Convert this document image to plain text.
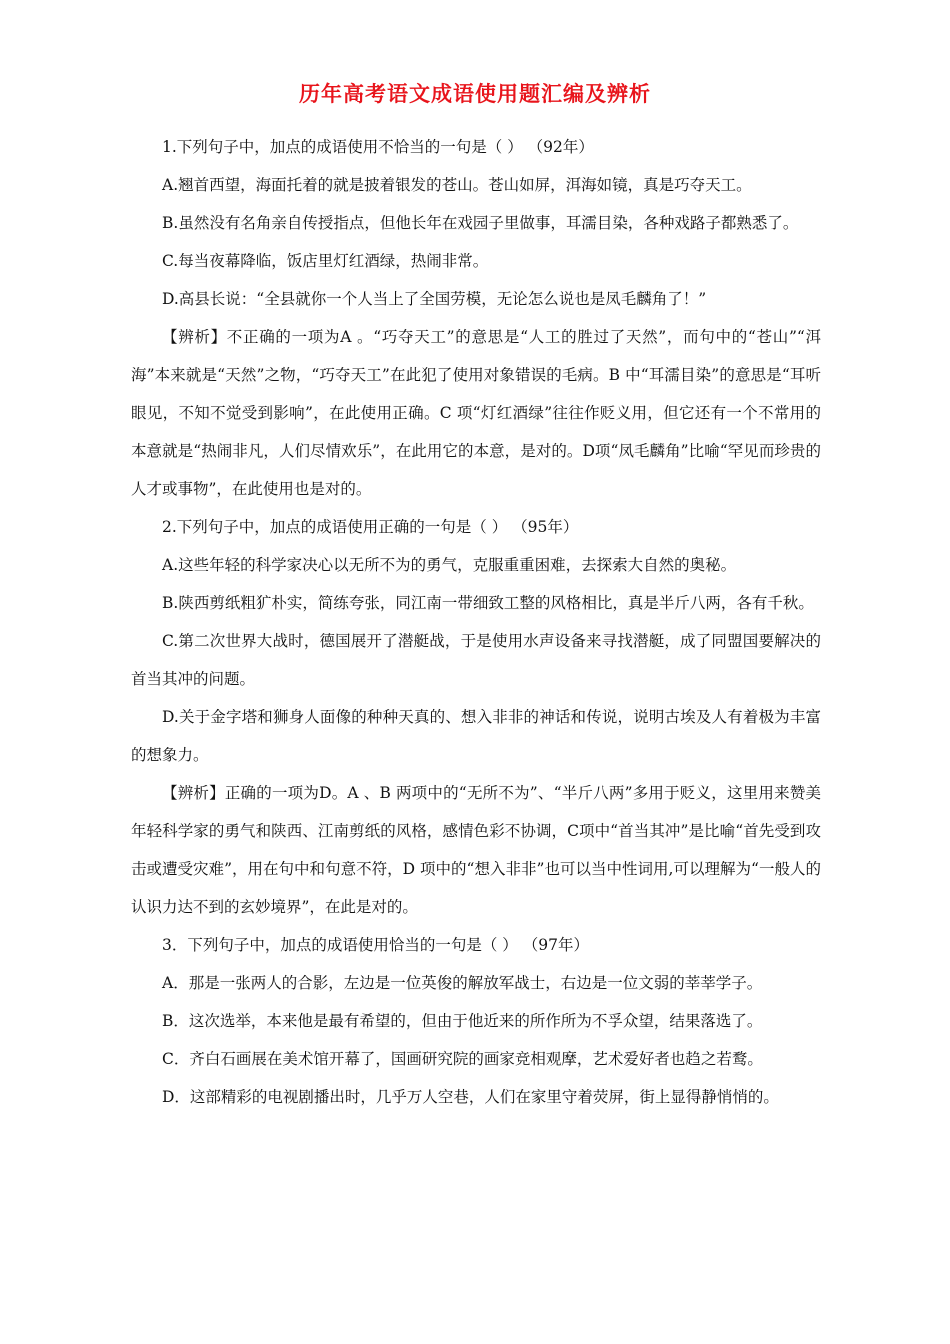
历年高考语文成语使用题汇编及辨析

1.下列句子中，加点的成语使用不恰当的一句是（ ） （92年）

A.翘首西望，海面托着的就是披着银发的苍山。苍山如屏，洱海如镜，真是巧夺天工。

B.虽然没有名角亲自传授指点，但他长年在戏园子里做事，耳濡目染，各种戏路子都熟悉了。

C.每当夜幕降临，饭店里灯红酒绿，热闹非常。

D.高县长说：“全县就你一个人当上了全国劳模，无论怎么说也是凤毛麟角了！”

【辨析】不正确的一项为A 。“巧夺天工”的意思是“人工的胜过了天然”，而句中的“苍山”“洱海”本来就是“天然”之物，“巧夺天工”在此犯了使用对象错误的毛病。B 中“耳濡目染”的意思是“耳听眼见，不知不觉受到影响”，在此使用正确。C 项“灯红酒绿”往往作贬义用，但它还有一个不常用的本意就是“热闹非凡，人们尽情欢乐”，在此用它的本意，是对的。D项“凤毛麟角”比喻“罕见而珍贵的人才或事物”，在此使用也是对的。

2.下列句子中，加点的成语使用正确的一句是（ ） （95年）

A.这些年轻的科学家决心以无所不为的勇气，克服重重困难，去探索大自然的奥秘。

B.陕西剪纸粗犷朴实，简练夸张，同江南一带细致工整的风格相比，真是半斤八两，各有千秋。

C.第二次世界大战时，德国展开了潜艇战，于是使用水声设备来寻找潜艇，成了同盟国要解决的首当其冲的问题。

D.关于金字塔和狮身人面像的种种天真的、想入非非的神话和传说，说明古埃及人有着极为丰富的想象力。

【辨析】正确的一项为D。A 、B 两项中的“无所不为”、“半斤八两”多用于贬义，这里用来赞美年轻科学家的勇气和陕西、江南剪纸的风格，感情色彩不协调，C项中“首当其冲”是比喻“首先受到攻击或遭受灾难”，用在句中和句意不符，D 项中的“想入非非”也可以当中性词用,可以理解为“一般人的认识力达不到的玄妙境界”，在此是对的。

3．下列句子中，加点的成语使用恰当的一句是（ ） （97年）

A．那是一张两人的合影，左边是一位英俊的解放军战士，右边是一位文弱的莘莘学子。

B．这次选举，本来他是最有希望的，但由于他近来的所作所为不孚众望，结果落选了。

C．齐白石画展在美术馆开幕了，国画研究院的画家竞相观摩，艺术爱好者也趋之若鹜。

D．这部精彩的电视剧播出时，几乎万人空巷，人们在家里守着荧屏，街上显得静悄悄的。
